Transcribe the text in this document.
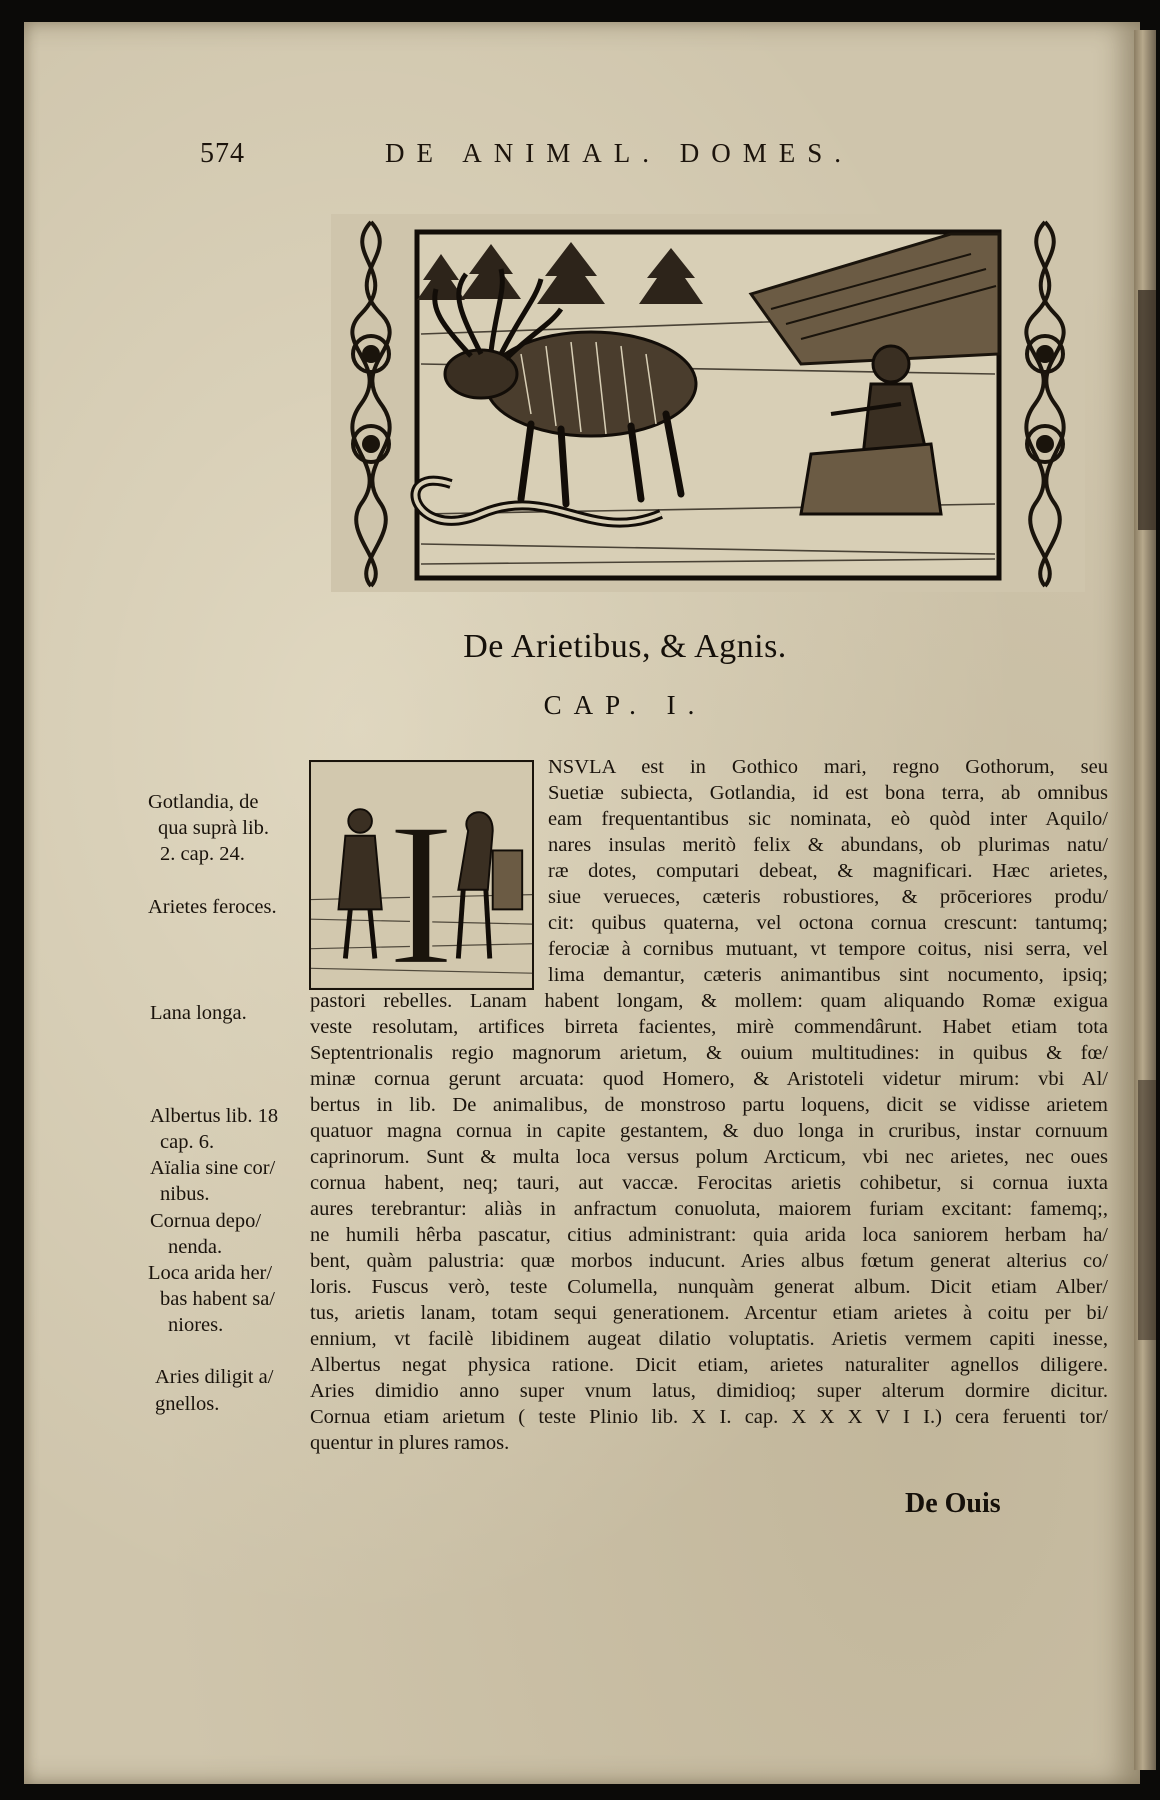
574	DE ANIMAL. DOMES.
De Arietibus, & Agnis.
CAP. I.
I
NSVLA est in Gothico mari, regno Gothorum, seu
Suetiæ subiecta, Gotlandia, id est bona terra, ab omnibus
eam frequentantibus sic nominata, eò quòd inter Aquilo/
nares insulas meritò felix & abundans, ob plurimas natu/
ræ dotes, computari debeat, & magnificari. Hæc arietes,
siue verueces, cæteris robustiores, & prōceriores produ/
cit: quibus quaterna, vel octona cornua crescunt: tantumq;
ferociæ à cornibus mutuant, vt tempore coitus, nisi serra, vel
lima demantur, cæteris animantibus sint nocumento, ipsiq;
pastori rebelles. Lanam habent longam, & mollem: quam aliquando Romæ exigua
veste resolutam, artifices birreta facientes, mirè commendârunt. Habet etiam tota
Septentrionalis regio magnorum arietum, & ouium multitudines: in quibus & fœ/
minæ cornua gerunt arcuata: quod Homero, & Aristoteli videtur mirum: vbi Al/
bertus in lib. De animalibus, de monstroso partu loquens, dicit se vidisse arietem
quatuor magna cornua in capite gestantem, & duo longa in cruribus, instar cornuum
caprinorum. Sunt & multa loca versus polum Arcticum, vbi nec arietes, nec oues
cornua habent, neq; tauri, aut vaccæ. Ferocitas arietis cohibetur, si cornua iuxta
aures terebrantur: aliàs in anfractum conuoluta, maiorem furiam excitant: famemq;,
ne humili hêrba pascatur, citius administrant: quia arida loca saniorem herbam ha/
bent, quàm palustria: quæ morbos inducunt. Aries albus fœtum generat alterius co/
loris. Fuscus verò, teste Columella, nunquàm generat album. Dicit etiam Alber/
tus, arietis lanam, totam sequi generationem. Arcentur etiam arietes à coitu per bi/
ennium, vt facilè libidinem augeat dilatio voluptatis. Arietis vermem capiti inesse,
Albertus negat physica ratione. Dicit etiam, arietes naturaliter agnellos diligere.
Aries dimidio anno super vnum latus, dimidioq; super alterum dormire dicitur.
Cornua etiam arietum ( teste Plinio lib. X I. cap. X X X V I I.) cera feruenti tor/
quentur in plures ramos.
Gotlandia, de
qua suprà lib.
2. cap. 24.
Arietes feroces.
Lana longa.
Albertus lib. 18
cap. 6.
Aïalia sine cor/
nibus.
Cornua depo/
nenda.
Loca arida her/
bas habent sa/
niores.
Aries diligit a/
gnellos.
De Ouis
